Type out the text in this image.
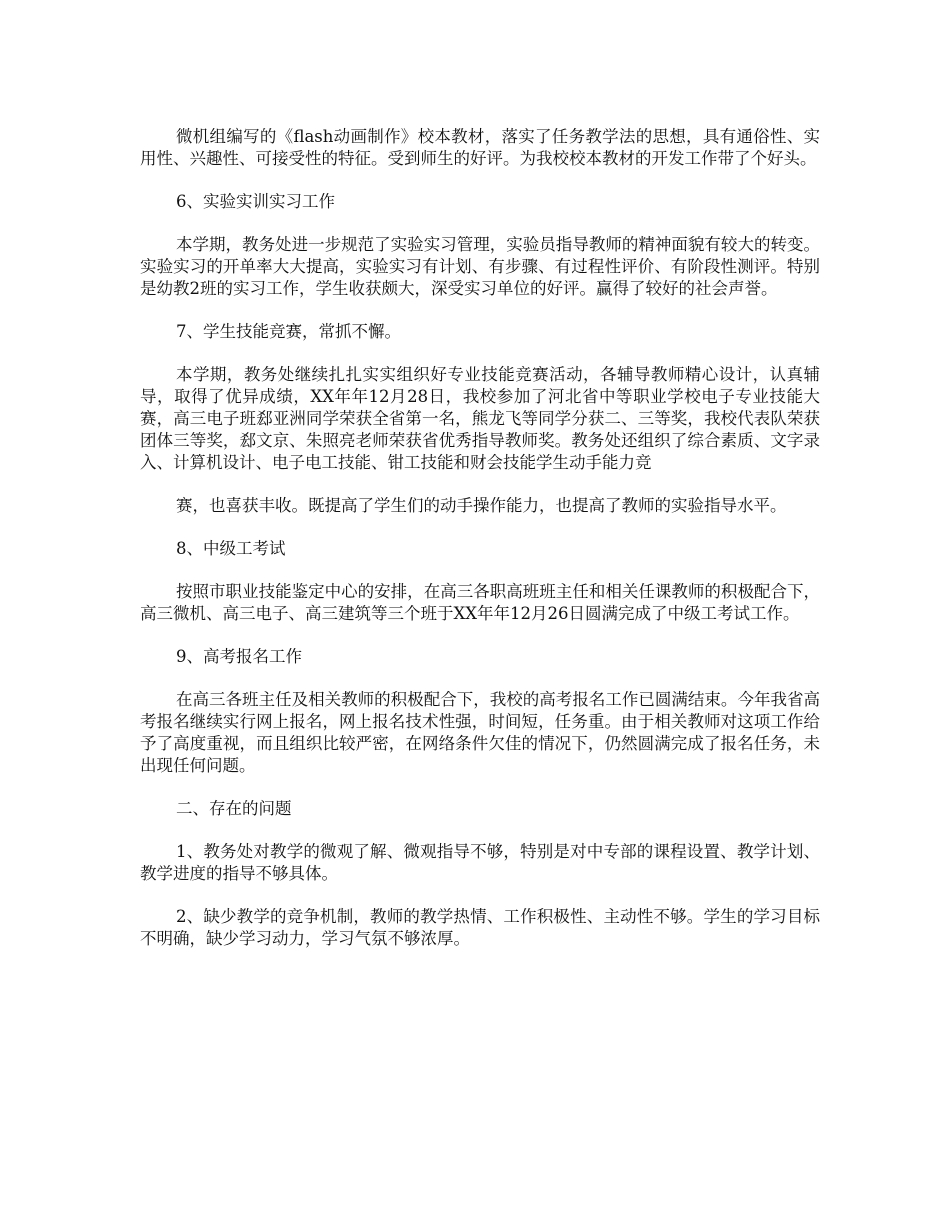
微机组编写的《flash动画制作》校本教材，落实了任务教学法的思想，具有通俗性、实用性、兴趣性、可接受性的特征。受到师生的好评。为我校校本教材的开发工作带了个好头。

6、实验实训实习工作

本学期，教务处进一步规范了实验实习管理，实验员指导教师的精神面貌有较大的转变。实验实习的开单率大大提高，实验实习有计划、有步骤、有过程性评价、有阶段性测评。特别是幼教2班的实习工作，学生收获颇大，深受实习单位的好评。赢得了较好的社会声誉。

7、学生技能竞赛，常抓不懈。

本学期，教务处继续扎扎实实组织好专业技能竞赛活动，各辅导教师精心设计，认真辅导，取得了优异成绩，XX年年12月28日，我校参加了河北省中等职业学校电子专业技能大赛，高三电子班郄亚洲同学荣获全省第一名，熊龙飞等同学分获二、三等奖，我校代表队荣获团体三等奖，郄文京、朱照亮老师荣获省优秀指导教师奖。教务处还组织了综合素质、文字录入、计算机设计、电子电工技能、钳工技能和财会技能学生动手能力竞

赛，也喜获丰收。既提高了学生们的动手操作能力，也提高了教师的实验指导水平。

8、中级工考试

按照市职业技能鉴定中心的安排，在高三各职高班班主任和相关任课教师的积极配合下，高三微机、高三电子、高三建筑等三个班于XX年年12月26日圆满完成了中级工考试工作。

9、高考报名工作

在高三各班主任及相关教师的积极配合下，我校的高考报名工作已圆满结束。今年我省高考报名继续实行网上报名，网上报名技术性强，时间短，任务重。由于相关教师对这项工作给予了高度重视，而且组织比较严密，在网络条件欠佳的情况下，仍然圆满完成了报名任务，未出现任何问题。

二、存在的问题

1、教务处对教学的微观了解、微观指导不够，特别是对中专部的课程设置、教学计划、教学进度的指导不够具体。

2、缺少教学的竞争机制，教师的教学热情、工作积极性、主动性不够。学生的学习目标不明确，缺少学习动力，学习气氛不够浓厚。
